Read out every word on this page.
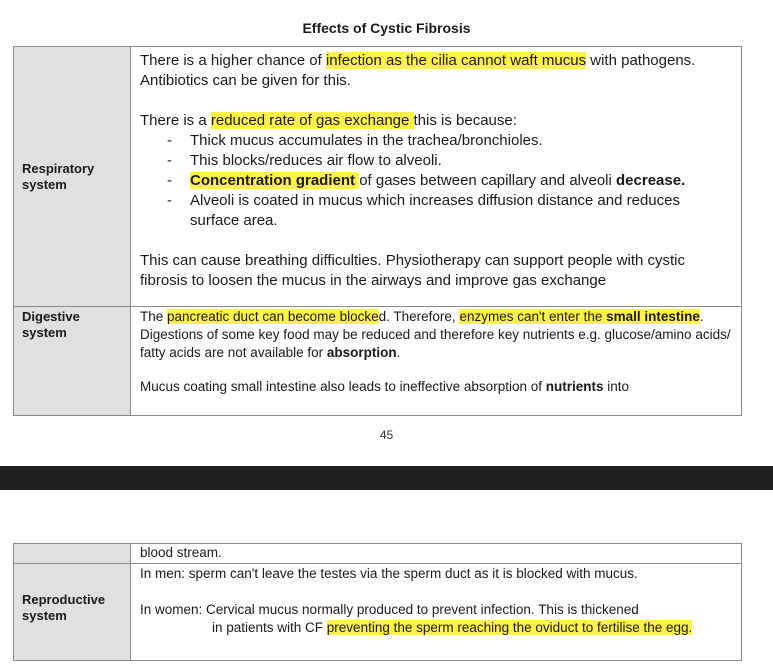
Effects of Cystic Fibrosis
Respiratory system
Digestive system

There is a higher chance of infection as the cilia cannot waft mucus with pathogens. Antibiotics can be given for this.

There is a reduced rate of gas exchange this is because:

- Thick mucus accumulates in the trachea/bronchioles.
- This blocks/reduces air flow to alveoli.
- Concentration gradient of gases between capillary and alveoli decrease.
- Alveoli is coated in mucus which increases diffusion distance and reduces surface area.

This can cause breathing difficulties. Physiotherapy can support people with cystic fibrosis to loosen the mucus in the airways and improve gas exchange

The pancreatic duct can become blocked. Therefore, enzymes can't enter the small intestine. Digestions of some key food may be reduced and therefore key nutrients e.g. glucose/amino acids/ fatty acids are not available for absorption.

Mucus coating small intestine also leads to ineffective absorption of nutrients into

45
blood stream.
Reproductive system

In men: sperm can't leave the testes via the sperm duct as it is blocked with mucus.

In women: Cervical mucus normally produced to prevent infection. This is thickened

in patients with CF preventing the sperm reaching the oviduct to fertilise the egg.
